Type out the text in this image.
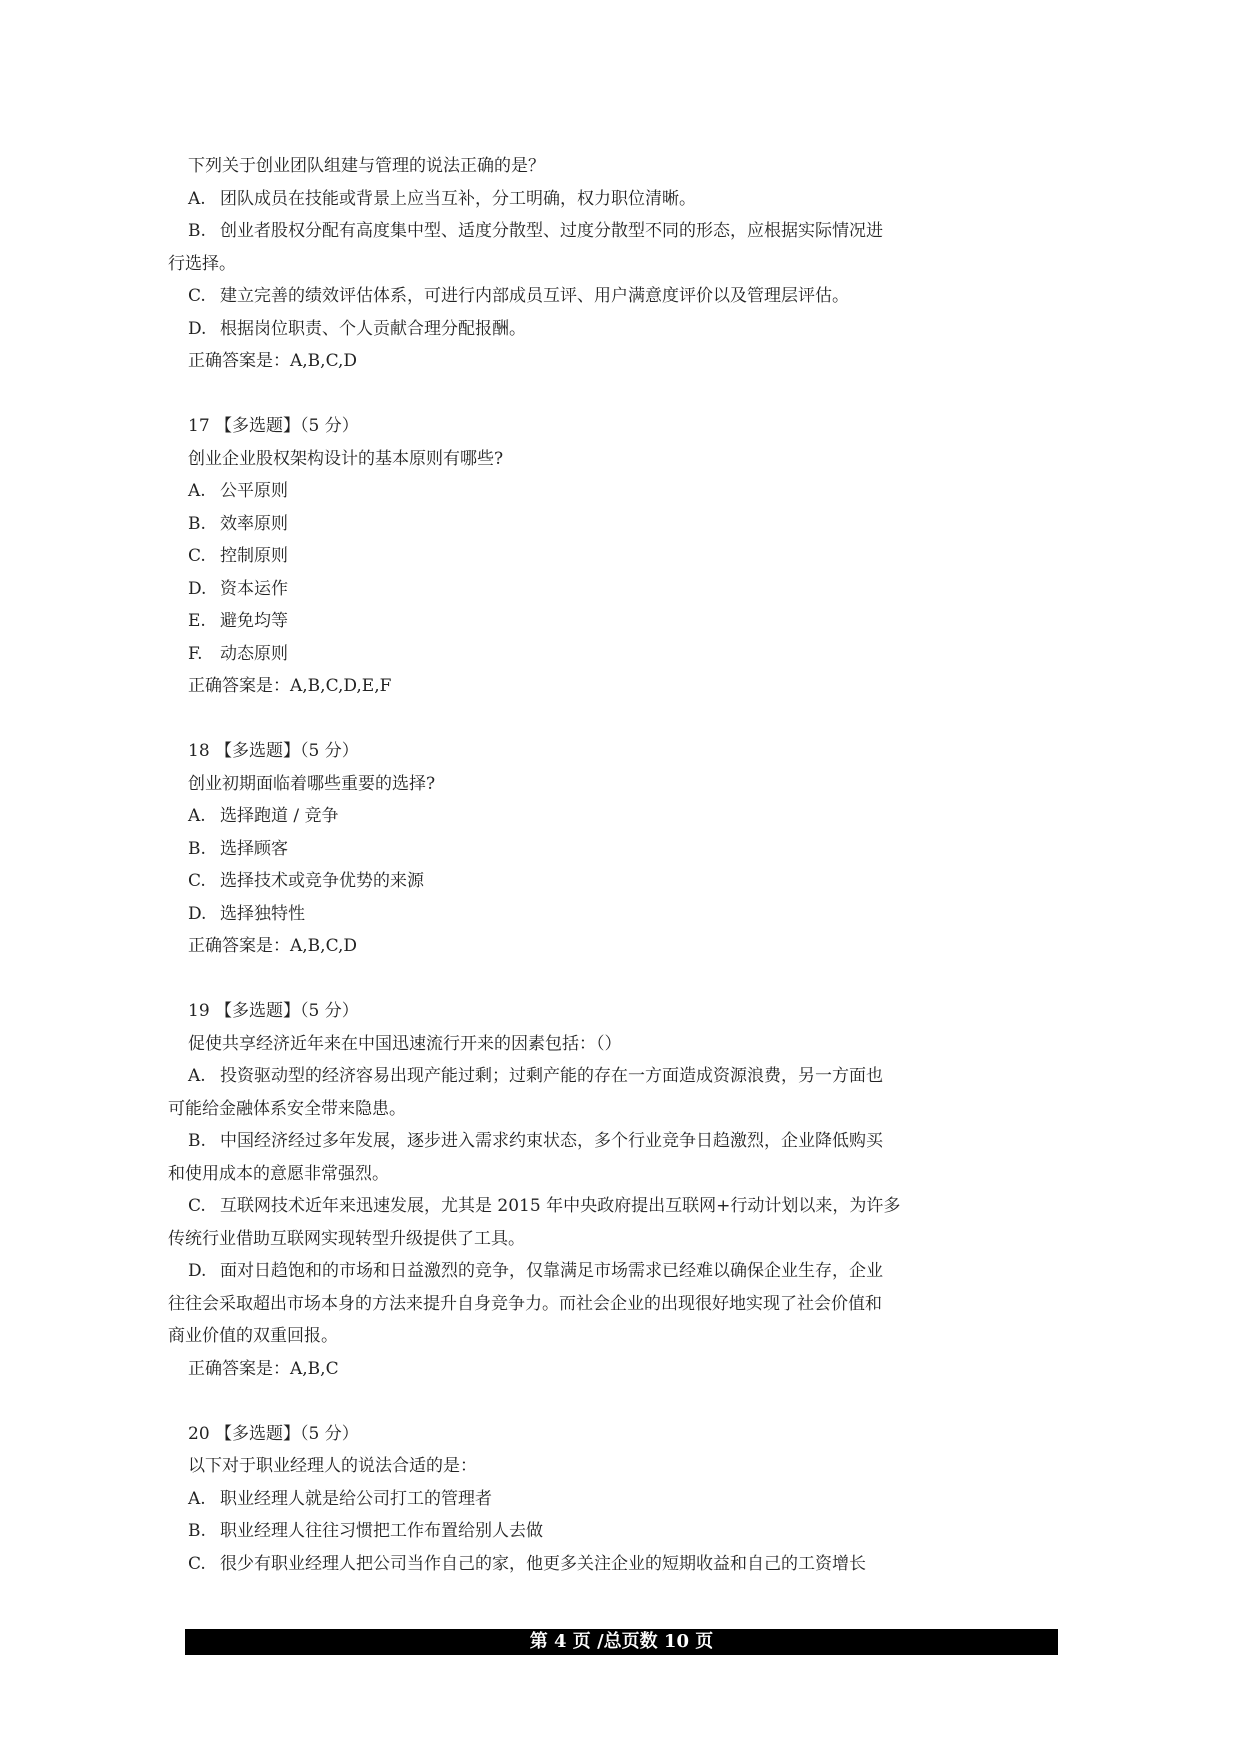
下列关于创业团队组建与管理的说法正确的是？
A. 团队成员在技能或背景上应当互补，分工明确，权力职位清晰。
B. 创业者股权分配有高度集中型、适度分散型、过度分散型不同的形态，应根据实际情况进
行选择。
C. 建立完善的绩效评估体系，可进行内部成员互评、用户满意度评价以及管理层评估。
D. 根据岗位职责、个人贡献合理分配报酬。
正确答案是：A,B,C,D
17 【多选题】（5 分）
创业企业股权架构设计的基本原则有哪些?
A. 公平原则
B. 效率原则
C. 控制原则
D. 资本运作
E. 避免均等
F. 动态原则
正确答案是：A,B,C,D,E,F
18 【多选题】（5 分）
创业初期面临着哪些重要的选择?
A. 选择跑道 / 竞争
B. 选择顾客
C. 选择技术或竞争优势的来源
D. 选择独特性
正确答案是：A,B,C,D
19 【多选题】（5 分）
促使共享经济近年来在中国迅速流行开来的因素包括：（）
A. 投资驱动型的经济容易出现产能过剩；过剩产能的存在一方面造成资源浪费，另一方面也
可能给金融体系安全带来隐患。
B. 中国经济经过多年发展，逐步进入需求约束状态，多个行业竞争日趋激烈，企业降低购买
和使用成本的意愿非常强烈。
C. 互联网技术近年来迅速发展，尤其是 2015 年中央政府提出互联网+行动计划以来，为许多
传统行业借助互联网实现转型升级提供了工具。
D. 面对日趋饱和的市场和日益激烈的竞争，仅靠满足市场需求已经难以确保企业生存，企业
往往会采取超出市场本身的方法来提升自身竞争力。而社会企业的出现很好地实现了社会价值和
商业价值的双重回报。
正确答案是：A,B,C
20 【多选题】（5 分）
以下对于职业经理人的说法合适的是：
A. 职业经理人就是给公司打工的管理者
B. 职业经理人往往习惯把工作布置给别人去做
C. 很少有职业经理人把公司当作自己的家，他更多关注企业的短期收益和自己的工资增长
第 4 页 /总页数 10 页
